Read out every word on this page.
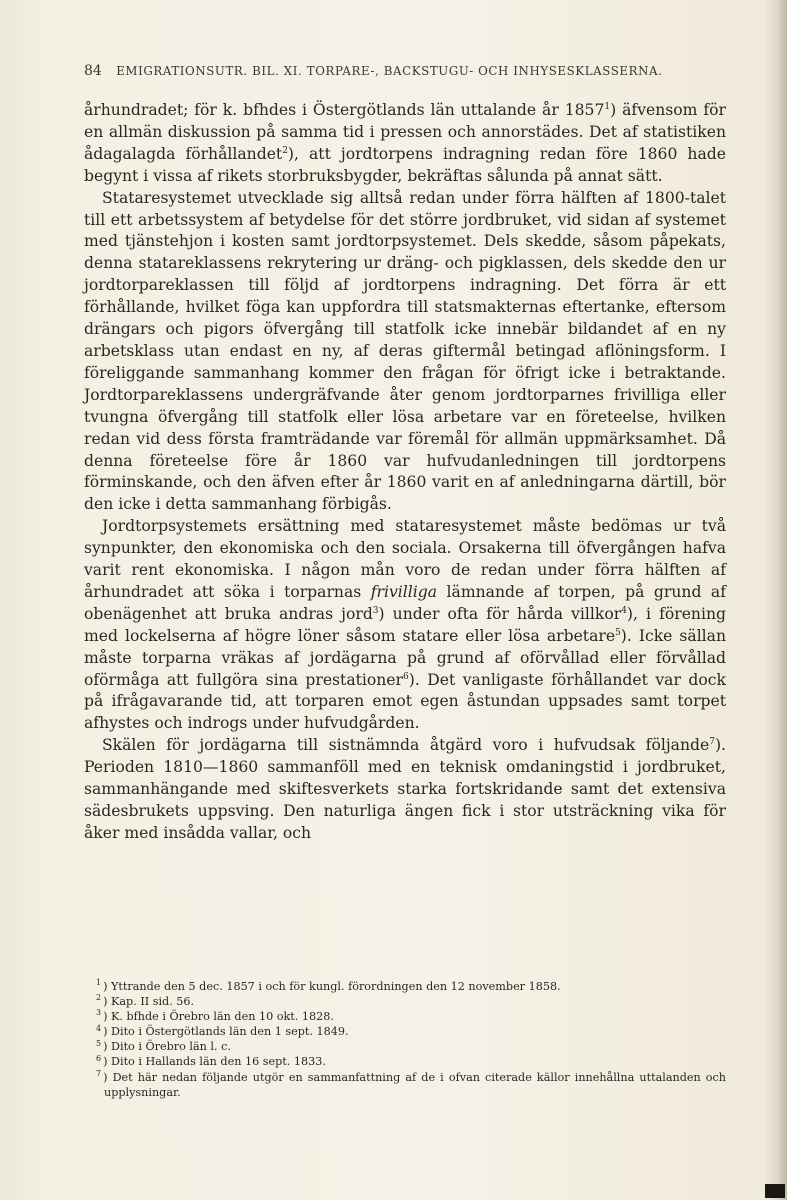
84 EMIGRATIONSUTR. BIL. XI. TORPARE-, BACKSTUGU- OCH INHYSESKLASSERNA.

århundradet; för k. bfhdes i Östergötlands län uttalande år 1857$^1$) äfvensom för en allmän diskussion på samma tid i pressen och annorstädes. Det af statistiken ådagalagda förhållandet$^2$), att jordtorpens indragning redan före 1860 hade begynt i vissa af rikets storbruksbygder, bekräftas sålunda på annat sätt.

Stataresystemet utvecklade sig alltså redan under förra hälften af 1800-talet till ett arbetssystem af betydelse för det större jordbruket, vid sidan af systemet med tjänstehjon i kosten samt jordtorpsystemet. Dels skedde, såsom påpekats, denna statareklassens rekrytering ur dräng- och pigklassen, dels skedde den ur jordtorpareklassen till följd af jordtorpens indragning. Det förra är ett förhållande, hvilket föga kan uppfordra till statsmakternas eftertanke, eftersom drängars och pigors öfvergång till statfolk icke innebär bildandet af en ny arbetsklass utan endast en ny, af deras giftermål betingad aflöningsform. I föreliggande sammanhang kommer den frågan för öfrigt icke i betraktande. Jordtorpareklassens undergräfvande åter genom jordtorparnes frivilliga eller tvungna öfvergång till statfolk eller lösa arbetare var en företeelse, hvilken redan vid dess första framträdande var föremål för allmän uppmärksamhet. Då denna företeelse före år 1860 var hufvudanledningen till jordtorpens förminskande, och den äfven efter år 1860 varit en af anledningarna därtill, bör den icke i detta sammanhang förbigås.

Jordtorpsystemets ersättning med stataresystemet måste bedömas ur två synpunkter, den ekonomiska och den sociala. Orsakerna till öfvergången hafva varit rent ekonomiska. I någon mån voro de redan under förra hälften af århundradet att söka i torparnas frivilliga lämnande af torpen, på grund af obenägenhet att bruka andras jord$^3$) under ofta för hårda villkor$^4$), i förening med lockelserna af högre löner såsom statare eller lösa arbetare$^5$). Icke sällan måste torparna vräkas af jordägarna på grund af oförvållad eller förvållad oförmåga att fullgöra sina prestationer$^6$). Det vanligaste förhållandet var dock på ifrågavarande tid, att torparen emot egen åstundan uppsades samt torpet afhystes och indrogs under hufvudgården.

Skälen för jordägarna till sistnämnda åtgärd voro i hufvudsak följande$^7$). Perioden 1810—1860 sammanföll med en teknisk omdaningstid i jordbruket, sammanhängande med skiftesverkets starka fortskridande samt det extensiva sädesbrukets uppsving. Den naturliga ängen fick i stor utsträckning vika för åker med insådda vallar, och

$^1$ ) Yttrande den 5 dec. 1857 i och för kungl. förordningen den 12 november 1858.
$^2$ ) Kap. II sid. 56.
$^3$ ) K. bfhde i Örebro län den 10 okt. 1828.
$^4$ ) Dito i Östergötlands län den 1 sept. 1849.
$^5$ ) Dito i Örebro län l. c.
$^6$ ) Dito i Hallands län den 16 sept. 1833.
$^7$ ) Det här nedan följande utgör en sammanfattning af de i ofvan citerade källor innehållna uttalanden och upplysningar.
